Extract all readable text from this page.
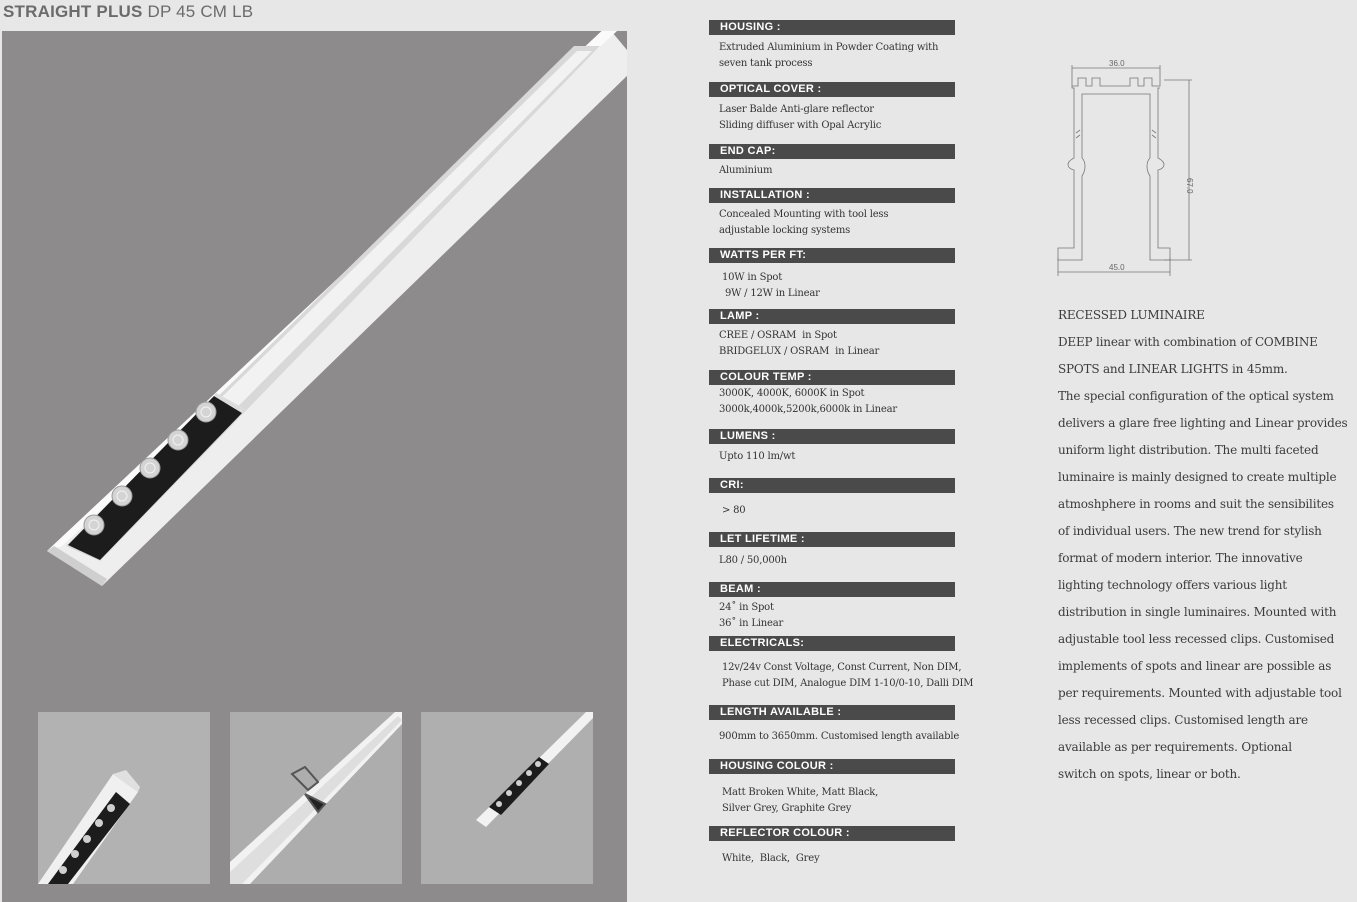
STRAIGHT PLUS DP 45 CM LB
HOUSING :
Extruded Aluminium in Powder Coating with
seven tank process
OPTICAL COVER :
Laser Balde Anti-glare reflector
Sliding diffuser with Opal Acrylic
END CAP:
Aluminium
INSTALLATION :
Concealed Mounting with tool less
adjustable locking systems
WATTS PER FT:
10W in Spot
9W / 12W in Linear
LAMP :
CREE / OSRAM  in Spot
BRIDGELUX / OSRAM  in Linear
COLOUR TEMP :
3000K, 4000K, 6000K in Spot
3000k,4000k,5200k,6000k in Linear
LUMENS :
Upto 110 lm/wt
CRI:
> 80
LET LIFETIME :
L80 / 50,000h
BEAM :
24˚ in Spot
36˚ in Linear
ELECTRICALS:
12v/24v Const Voltage, Const Current, Non DIM,
Phase cut DIM, Analogue DIM 1-10/0-10, Dalli DIM
LENGTH AVAILABLE :
900mm to 3650mm. Customised length available
HOUSING COLOUR :
Matt Broken White, Matt Black,
Silver Grey, Graphite Grey
REFLECTOR COLOUR :
White,  Black,  Grey
36.0
45.0
67.0
RECESSED LUMINAIRE
DEEP linear with combination of COMBINE
SPOTS and LINEAR LIGHTS in 45mm.
The special configuration of the optical system
delivers a glare free lighting and Linear provides
uniform light distribution. The multi faceted
luminaire is mainly designed to create multiple
atmoshphere in rooms and suit the sensibilites
of individual users. The new trend for stylish
format of modern interior. The innovative
lighting technology offers various light
distribution in single luminaires. Mounted with
adjustable tool less recessed clips. Customised
implements of spots and linear are possible as
per requirements. Mounted with adjustable tool
less recessed clips. Customised length are
available as per requirements. Optional
switch on spots, linear or both.
